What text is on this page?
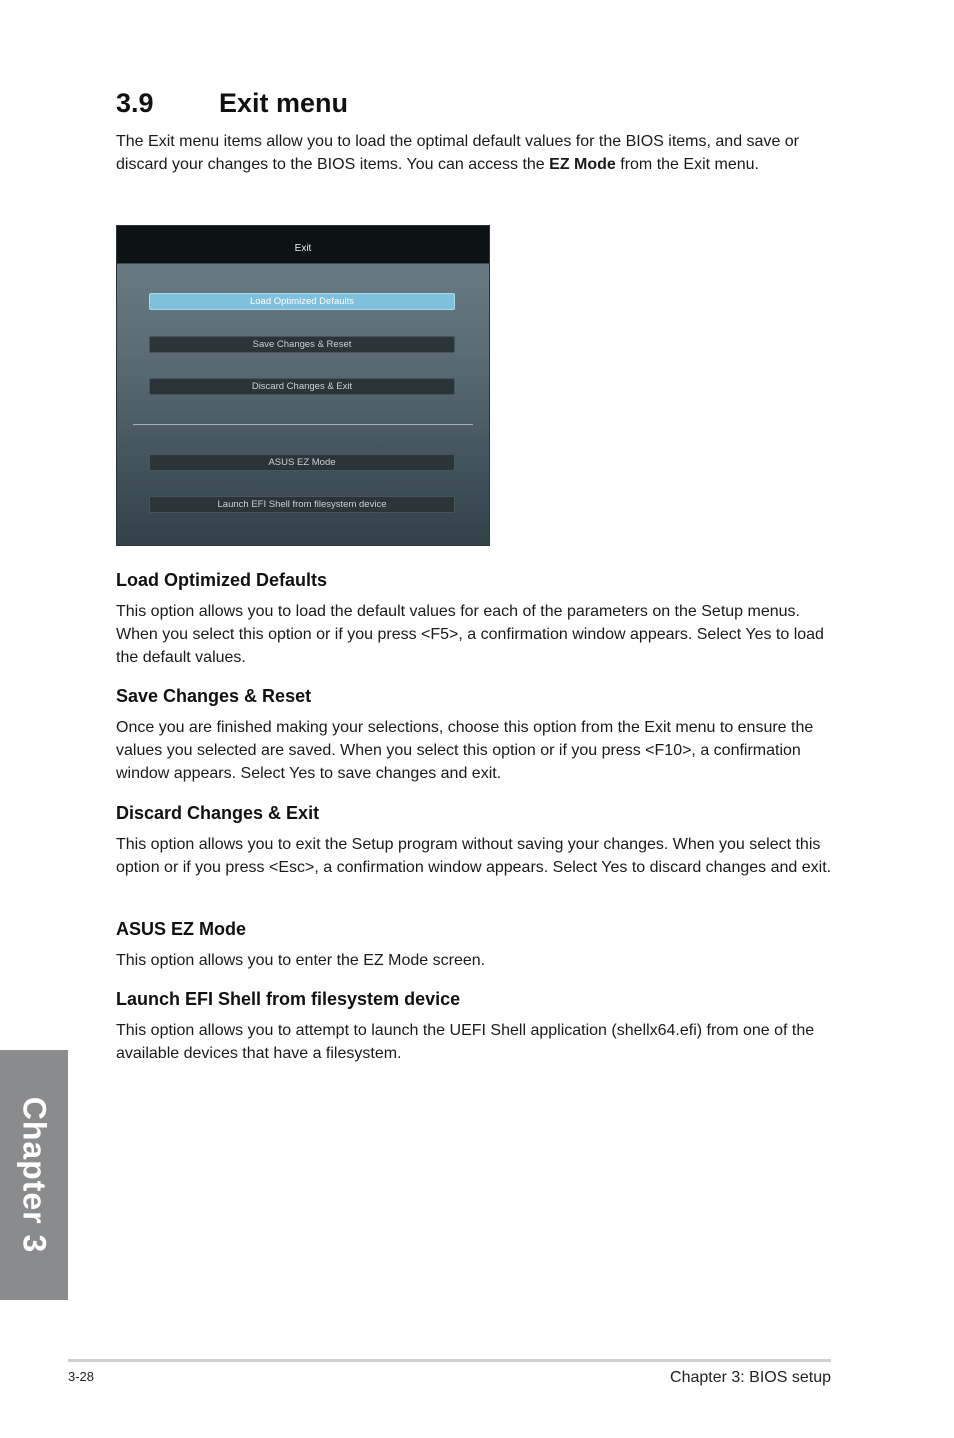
3.9 Exit menu

The Exit menu items allow you to load the optimal default values for the BIOS items, and save or discard your changes to the BIOS items. You can access the EZ Mode from the Exit menu.

Exit
Load Optimized Defaults
Save Changes & Reset
Discard Changes & Exit
ASUS EZ Mode
Launch EFI Shell from filesystem device
Load Optimized Defaults

This option allows you to load the default values for each of the parameters on the Setup menus. When you select this option or if you press <F5>, a confirmation window appears. Select Yes to load the default values.

Save Changes & Reset

Once you are finished making your selections, choose this option from the Exit menu to ensure the values you selected are saved. When you select this option or if you press <F10>, a confirmation window appears. Select Yes to save changes and exit.

Discard Changes & Exit

This option allows you to exit the Setup program without saving your changes. When you select this option or if you press <Esc>, a confirmation window appears. Select Yes to discard changes and exit.

ASUS EZ Mode

This option allows you to enter the EZ Mode screen.

Launch EFI Shell from filesystem device

This option allows you to attempt to launch the UEFI Shell application (shellx64.efi) from one of the available devices that have a filesystem.

Chapter 3
3-28	Chapter 3: BIOS setup
